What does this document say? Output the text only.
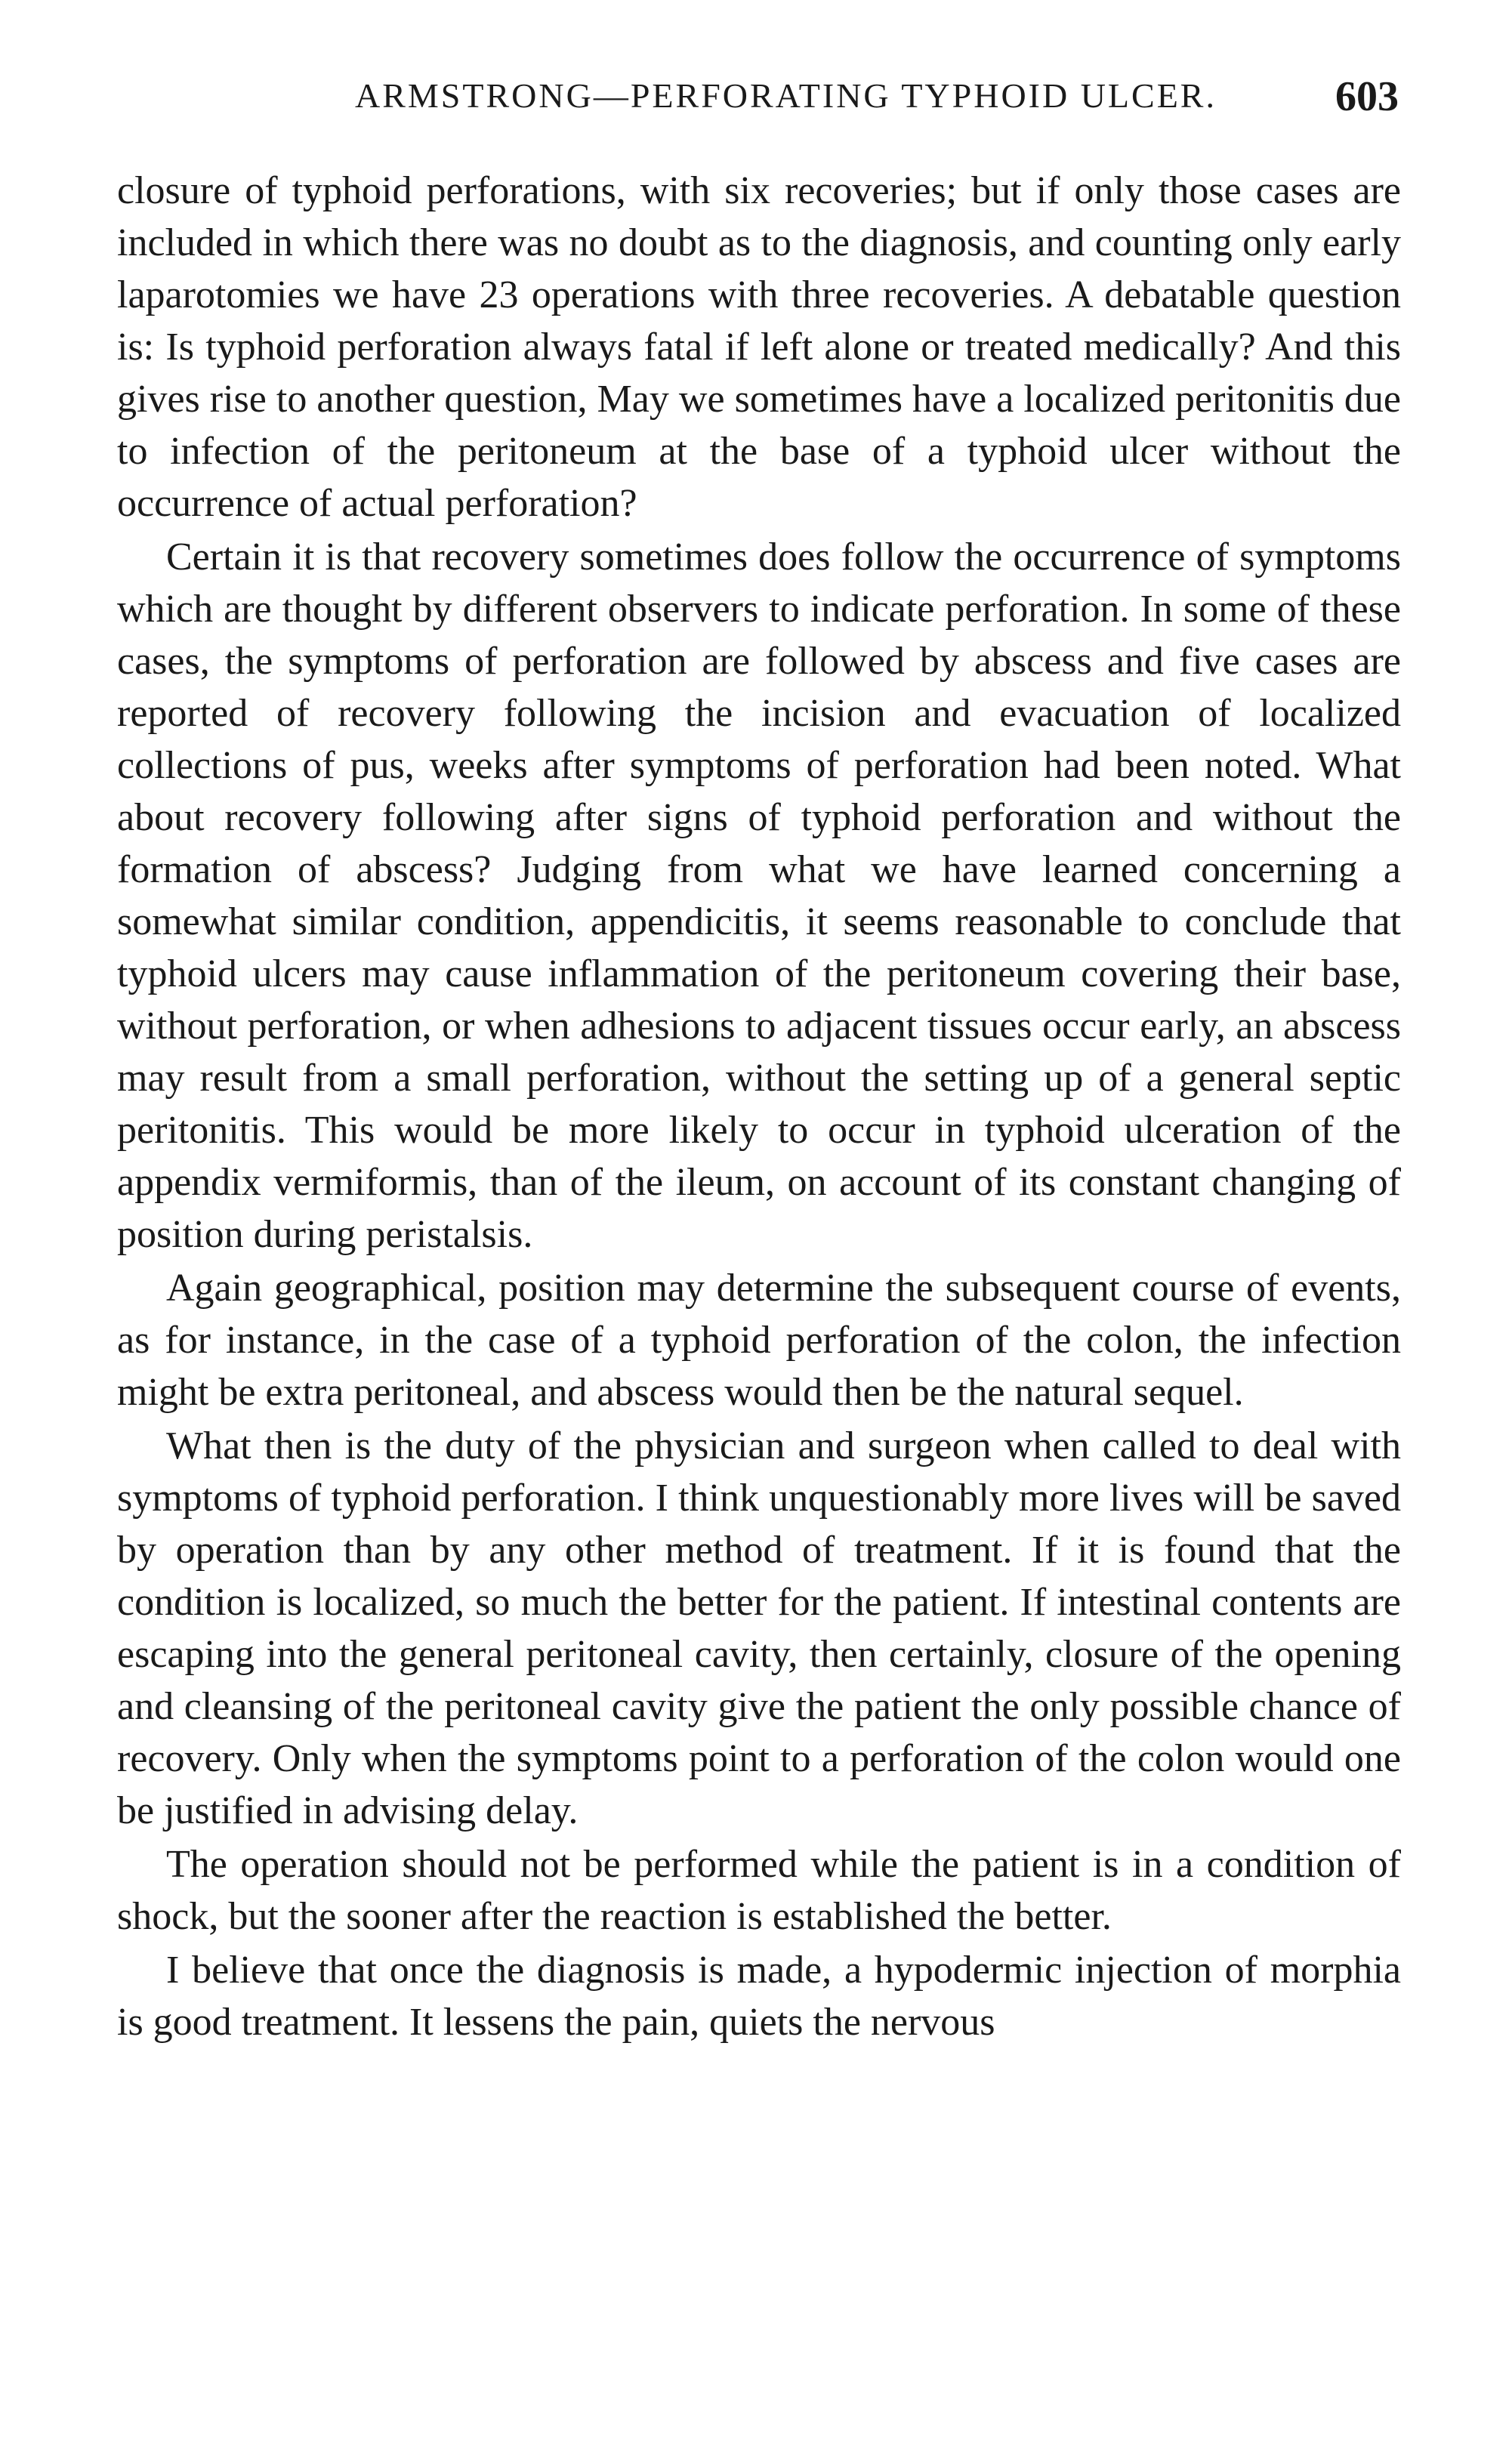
ARMSTRONG—PERFORATING TYPHOID ULCER.	603

closure of typhoid perforations, with six recoveries; but if only those cases are included in which there was no doubt as to the diagnosis, and counting only early laparotomies we have 23 operations with three recoveries. A debatable question is: Is typhoid perforation always fatal if left alone or treated medically? And this gives rise to another question, May we sometimes have a localized peritonitis due to infection of the peritoneum at the base of a typhoid ulcer without the occurrence of actual perforation?

Certain it is that recovery sometimes does follow the occurrence of symptoms which are thought by different observers to indicate perforation. In some of these cases, the symptoms of perforation are followed by abscess and five cases are reported of recovery following the incision and evacuation of localized collections of pus, weeks after symptoms of perforation had been noted. What about recovery following after signs of typhoid perforation and without the formation of abscess? Judging from what we have learned concerning a somewhat similar condition, appendicitis, it seems reasonable to conclude that typhoid ulcers may cause inflammation of the peritoneum covering their base, without perforation, or when adhesions to adjacent tissues occur early, an abscess may result from a small perforation, without the setting up of a general septic peritonitis. This would be more likely to occur in typhoid ulceration of the appendix vermiformis, than of the ileum, on account of its constant changing of position during peristalsis.

Again geographical, position may determine the subsequent course of events, as for instance, in the case of a typhoid perforation of the colon, the infection might be extra peritoneal, and abscess would then be the natural sequel.

What then is the duty of the physician and surgeon when called to deal with symptoms of typhoid perforation. I think unquestionably more lives will be saved by operation than by any other method of treatment. If it is found that the condition is localized, so much the better for the patient. If intestinal contents are escaping into the general peritoneal cavity, then certainly, closure of the opening and cleansing of the peritoneal cavity give the patient the only possible chance of recovery. Only when the symptoms point to a perforation of the colon would one be justified in advising delay.

The operation should not be performed while the patient is in a condition of shock, but the sooner after the reaction is established the better.

I believe that once the diagnosis is made, a hypodermic injection of morphia is good treatment. It lessens the pain, quiets the nervous
